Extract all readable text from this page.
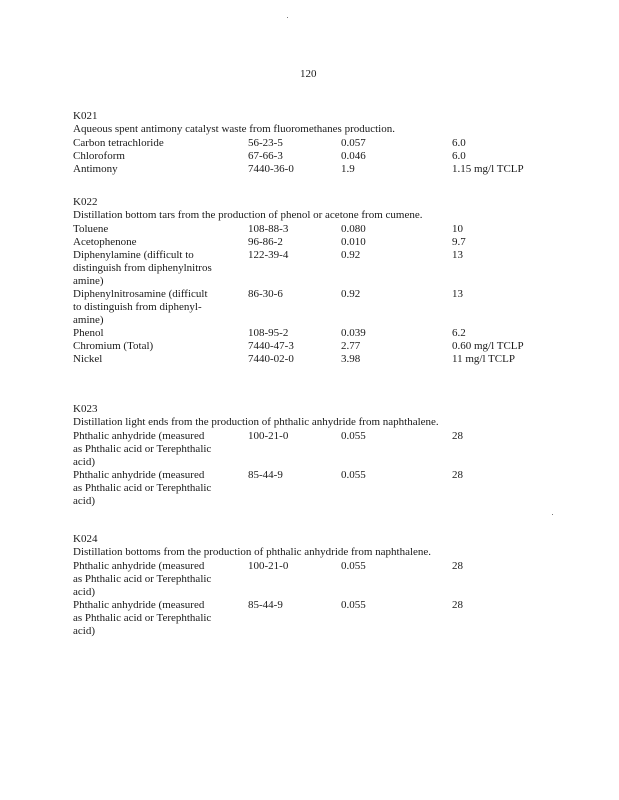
120
K021
Aqueous spent antimony catalyst waste from fluoromethanes production.
Carbon tetrachloride	56-23-5	0.057	6.0
Chloroform	67-66-3	0.046	6.0
Antimony	7440-36-0	1.9	1.15 mg/l TCLP
K022
Distillation bottom tars from the production of phenol or acetone from cumene.
Toluene	108-88-3	0.080	10
Acetophenone	96-86-2	0.010	9.7
Diphenylamine (difficult to
distinguish from diphenylnitros
amine)
122-39-4	0.92	13
Diphenylnitrosamine (difficult
to distinguish from diphenyl-
amine)
86-30-6	0.92	13
Phenol	108-95-2	0.039	6.2
Chromium (Total)	7440-47-3	2.77	0.60 mg/l TCLP
Nickel	7440-02-0	3.98	11 mg/l TCLP
K023
Distillation light ends from the production of phthalic anhydride from naphthalene.
Phthalic anhydride (measured
as Phthalic acid or Terephthalic
acid)
100-21-0	0.055	28
Phthalic anhydride (measured
as Phthalic acid or Terephthalic
acid)
85-44-9	0.055	28
K024
Distillation bottoms from the production of phthalic anhydride from naphthalene.
Phthalic anhydride (measured
as Phthalic acid or Terephthalic
acid)
100-21-0	0.055	28
Phthalic anhydride (measured
as Phthalic acid or Terephthalic
acid)
85-44-9	0.055	28
